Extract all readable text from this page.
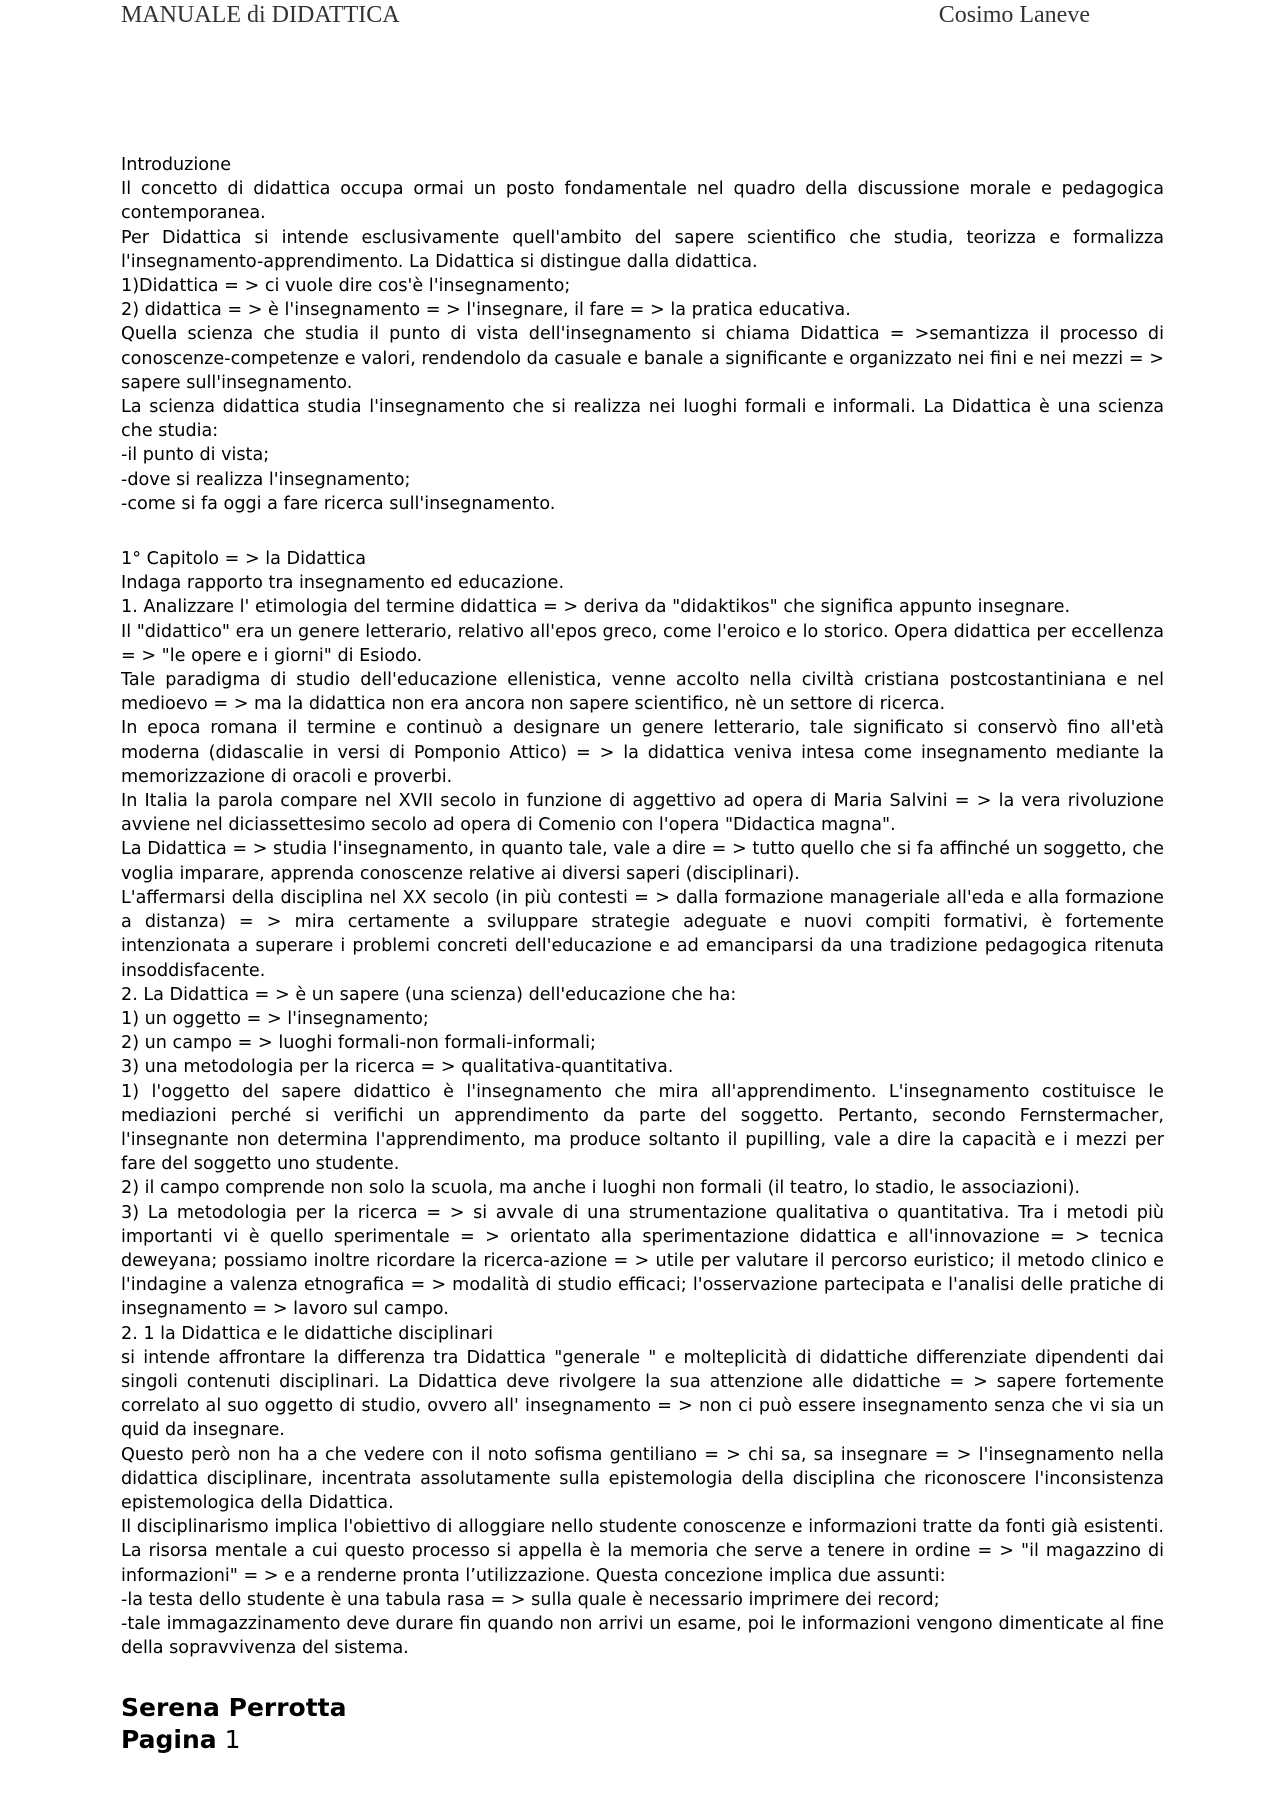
MANUALE di DIDATTICA	Cosimo Laneve

Introduzione

Il concetto di didattica occupa ormai un posto fondamentale nel quadro della discussione morale e pedagogica contemporanea.

Per Didattica si intende esclusivamente quell'ambito del sapere scientifico che studia, teorizza e formalizza l'insegnamento-apprendimento. La Didattica si distingue dalla didattica.

1)Didattica = > ci vuole dire cos'è l'insegnamento;

2) didattica = > è l'insegnamento = > l'insegnare, il fare = > la pratica educativa.

Quella scienza che studia il punto di vista dell'insegnamento si chiama Didattica = >semantizza il processo di conoscenze-competenze e valori, rendendolo da casuale e banale a significante e organizzato nei fini e nei mezzi = > sapere sull'insegnamento.

La scienza didattica studia l'insegnamento che si realizza nei luoghi formali e informali. La Didattica è una scienza che studia:

-il punto di vista;

-dove si realizza l'insegnamento;

-come si fa oggi a fare ricerca sull'insegnamento.

1° Capitolo = > la Didattica

Indaga rapporto tra insegnamento ed educazione.

1. Analizzare l' etimologia del termine didattica = > deriva da "didaktikos" che significa appunto insegnare.

Il "didattico" era un genere letterario, relativo all'epos greco, come l'eroico e lo storico. Opera didattica per eccellenza = > "le opere e i giorni" di Esiodo.

Tale paradigma di studio dell'educazione ellenistica, venne accolto nella civiltà cristiana postcostantiniana e nel medioevo = > ma la didattica non era ancora non sapere scientifico, nè un settore di ricerca.

In epoca romana il termine e continuò a designare un genere letterario, tale significato si conservò fino all'età moderna (didascalie in versi di Pomponio Attico) = > la didattica veniva intesa come insegnamento mediante la memorizzazione di oracoli e proverbi.

In Italia la parola compare nel XVII secolo in funzione di aggettivo ad opera di Maria Salvini = > la vera rivoluzione avviene nel diciassettesimo secolo ad opera di Comenio con l'opera "Didactica magna".

La Didattica = > studia l'insegnamento, in quanto tale, vale a dire = > tutto quello che si fa affinché un soggetto, che voglia imparare, apprenda conoscenze relative ai diversi saperi (disciplinari).

L'affermarsi della disciplina nel XX secolo (in più contesti = > dalla formazione manageriale all'eda e alla formazione a distanza) = > mira certamente a sviluppare strategie adeguate e nuovi compiti formativi, è fortemente intenzionata a superare i problemi concreti dell'educazione e ad emanciparsi da una tradizione pedagogica ritenuta insoddisfacente.

2. La Didattica = > è un sapere (una scienza) dell'educazione che ha:

1) un oggetto = > l'insegnamento;

2) un campo = > luoghi formali-non formali-informali;

3) una metodologia per la ricerca = > qualitativa-quantitativa.

1) l'oggetto del sapere didattico è l'insegnamento che mira all'apprendimento. L'insegnamento costituisce le mediazioni perché si verifichi un apprendimento da parte del soggetto. Pertanto, secondo Fernstermacher, l'insegnante non determina l'apprendimento, ma produce soltanto il pupilling, vale a dire la capacità e i mezzi per fare del soggetto uno studente.

2) il campo comprende non solo la scuola, ma anche i luoghi non formali (il teatro, lo stadio, le associazioni).

3) La metodologia per la ricerca = > si avvale di una strumentazione qualitativa o quantitativa. Tra i metodi più importanti vi è quello sperimentale = > orientato alla sperimentazione didattica e all'innovazione = > tecnica deweyana; possiamo inoltre ricordare la ricerca-azione = > utile per valutare il percorso euristico; il metodo clinico e l'indagine a valenza etnografica = > modalità di studio efficaci; l'osservazione partecipata e l'analisi delle pratiche di insegnamento = > lavoro sul campo.

2. 1 la Didattica e le didattiche disciplinari

si intende affrontare la differenza tra Didattica "generale " e molteplicità di didattiche differenziate dipendenti dai singoli contenuti disciplinari. La Didattica deve rivolgere la sua attenzione alle didattiche = > sapere fortemente correlato al suo oggetto di studio, ovvero all' insegnamento = > non ci può essere insegnamento senza che vi sia un quid da insegnare.

Questo però non ha a che vedere con il noto sofisma gentiliano = > chi sa, sa insegnare = > l'insegnamento nella didattica disciplinare, incentrata assolutamente sulla epistemologia della disciplina che riconoscere l'inconsistenza epistemologica della Didattica.

Il disciplinarismo implica l'obiettivo di alloggiare nello studente conoscenze e informazioni tratte da fonti già esistenti. La risorsa mentale a cui questo processo si appella è la memoria che serve a tenere in ordine = > "il magazzino di informazioni" = > e a renderne pronta l’utilizzazione. Questa concezione implica due assunti:

-la testa dello studente è una tabula rasa = > sulla quale è necessario imprimere dei record;

-tale immagazzinamento deve durare fin quando non arrivi un esame, poi le informazioni vengono dimenticate al fine della sopravvivenza del sistema.

Serena Perrotta
Pagina 1
